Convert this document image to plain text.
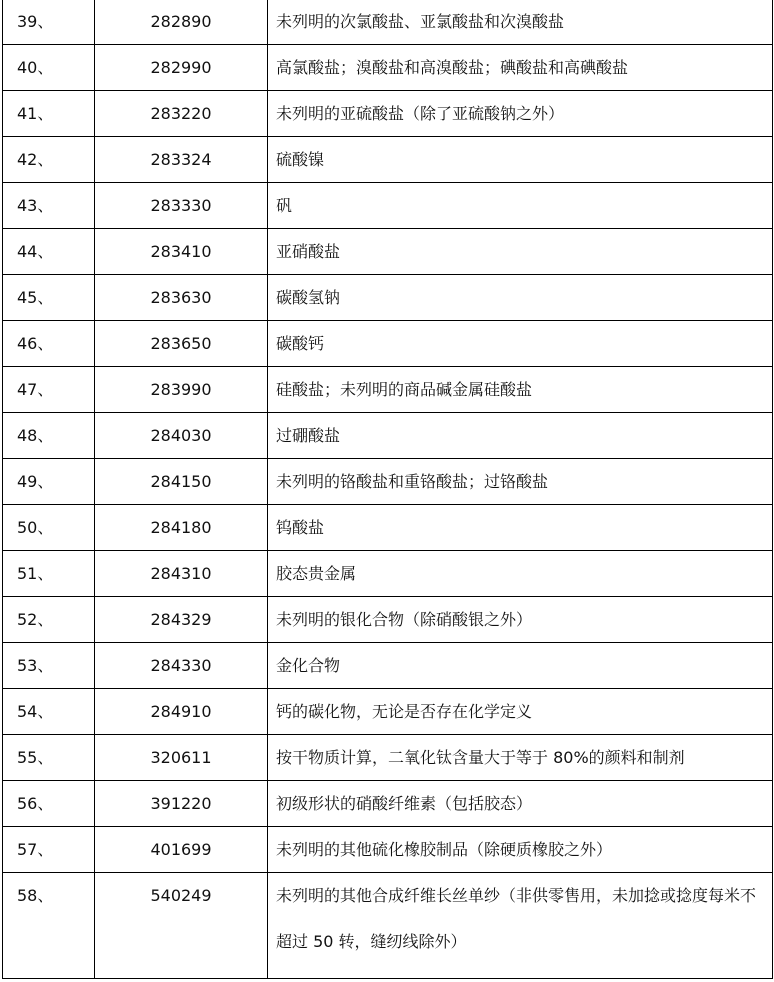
39、	282890	未列明的次氯酸盐、亚氯酸盐和次溴酸盐
40、	282990	高氯酸盐；溴酸盐和高溴酸盐；碘酸盐和高碘酸盐
41、	283220	未列明的亚硫酸盐（除了亚硫酸钠之外）
42、	283324	硫酸镍
43、	283330	矾
44、	283410	亚硝酸盐
45、	283630	碳酸氢钠
46、	283650	碳酸钙
47、	283990	硅酸盐；未列明的商品碱金属硅酸盐
48、	284030	过硼酸盐
49、	284150	未列明的铬酸盐和重铬酸盐；过铬酸盐
50、	284180	钨酸盐
51、	284310	胶态贵金属
52、	284329	未列明的银化合物（除硝酸银之外）
53、	284330	金化合物
54、	284910	钙的碳化物，无论是否存在化学定义
55、	320611	按干物质计算，二氧化钛含量大于等于 80%的颜料和制剂
56、	391220	初级形状的硝酸纤维素（包括胶态）
57、	401699	未列明的其他硫化橡胶制品（除硬质橡胶之外）
58、	540249	未列明的其他合成纤维长丝单纱（非供零售用，未加捻或捻度每米不超过 50 转，缝纫线除外）
